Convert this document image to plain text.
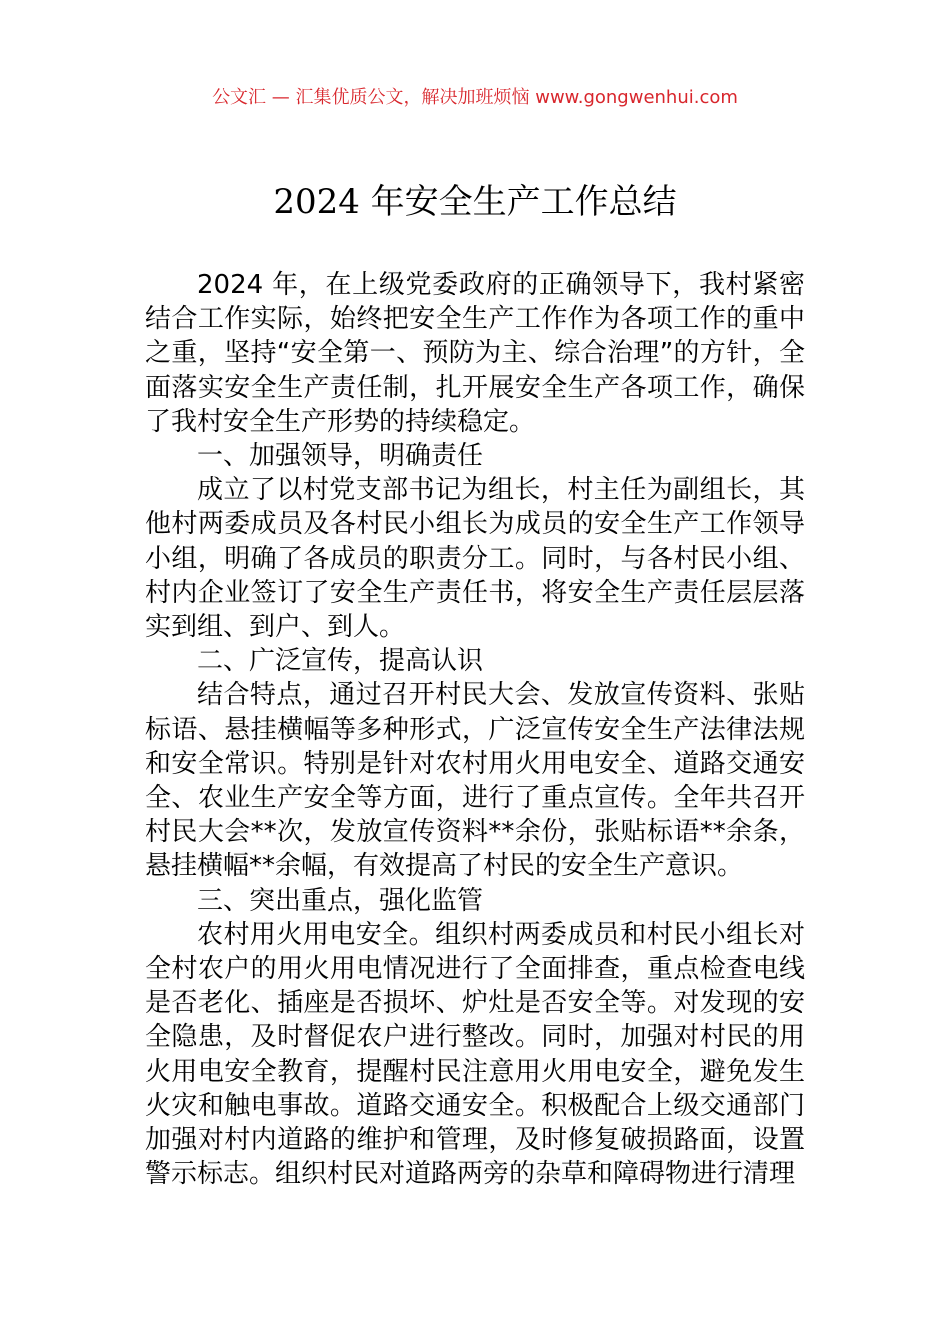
公文汇 — 汇集优质公文，解决加班烦恼 www.gongwenhui.com
2024 年安全生产工作总结

2024 年，在上级党委政府的正确领导下，我村紧密结合工作实际，始终把安全生产工作作为各项工作的重中之重，坚持“安全第一、预防为主、综合治理”的方针，全面落实安全生产责任制，扎开展安全生产各项工作，确保了我村安全生产形势的持续稳定。

一、加强领导，明确责任

成立了以村党支部书记为组长，村主任为副组长，其他村两委成员及各村民小组长为成员的安全生产工作领导小组，明确了各成员的职责分工。同时，与各村民小组、村内企业签订了安全生产责任书，将安全生产责任层层落实到组、到户、到人。

二、广泛宣传，提高认识

结合特点，通过召开村民大会、发放宣传资料、张贴标语、悬挂横幅等多种形式，广泛宣传安全生产法律法规和安全常识。特别是针对农村用火用电安全、道路交通安全、农业生产安全等方面，进行了重点宣传。全年共召开村民大会**次，发放宣传资料**余份，张贴标语**余条，悬挂横幅**余幅，有效提高了村民的安全生产意识。

三、突出重点，强化监管

农村用火用电安全。组织村两委成员和村民小组长对全村农户的用火用电情况进行了全面排查，重点检查电线是否老化、插座是否损坏、炉灶是否安全等。对发现的安全隐患，及时督促农户进行整改。同时，加强对村民的用火用电安全教育，提醒村民注意用火用电安全，避免发生火灾和触电事故。道路交通安全。积极配合上级交通部门加强对村内道路的维护和管理，及时修复破损路面，设置警示标志。组织村民对道路两旁的杂草和障碍物进行清理
